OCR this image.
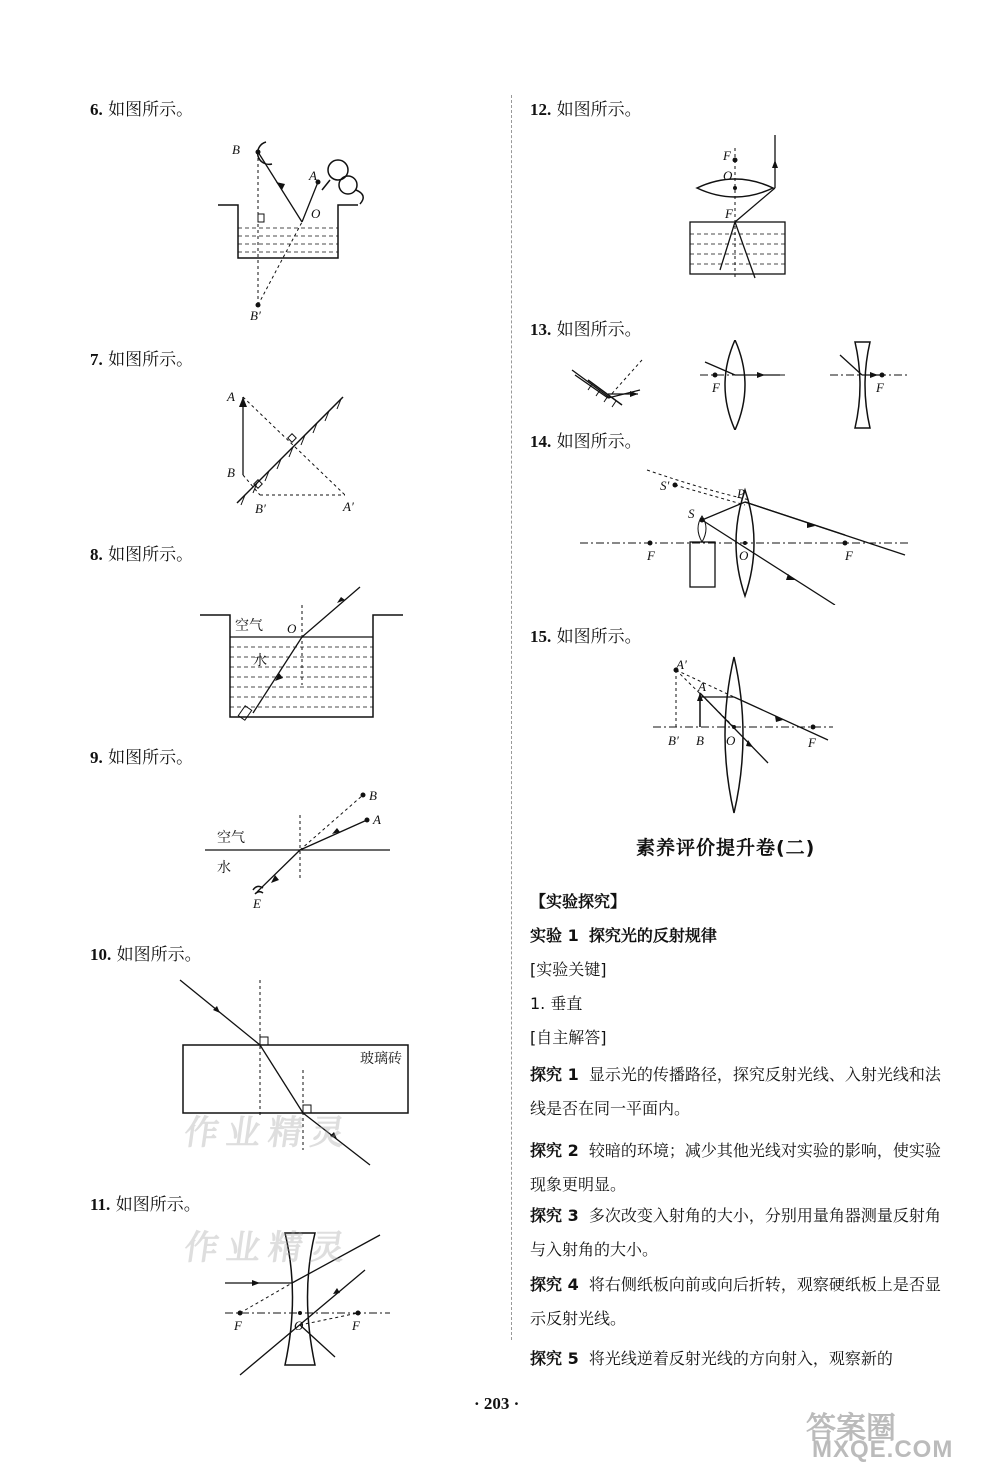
6. 如图所示。
7. 如图所示。
8. 如图所示。
9. 如图所示。
10. 如图所示。
11. 如图所示。
12. 如图所示。
13. 如图所示。
14. 如图所示。
15. 如图所示。
B
A
O
B′
A
B
B′	A′
空气
水
O
空气
水
B
A
E
玻璃砖
F	O	F
F
O
F
F	F
S′
S
P
F	O	F
A′
A
B′ B O	F
素养评价提升卷(二)
【实验探究】
实验 1 探究光的反射规律
[实验关键]
1. 垂直
[自主解答]
探究 1 显示光的传播路径，探究反射光线、入射光线和法线是否在同一平面内。
探究 2 较暗的环境；减少其他光线对实验的影响，使实验现象更明显。
探究 3 多次改变入射角的大小，分别用量角器测量反射角与入射角的大小。
探究 4 将右侧纸板向前或向后折转，观察硬纸板上是否显示反射光线。
探究 5 将光线逆着反射光线的方向射入，观察新的
作业精灵
作业精灵
答案圈
MXQE.COM
· 203 ·
